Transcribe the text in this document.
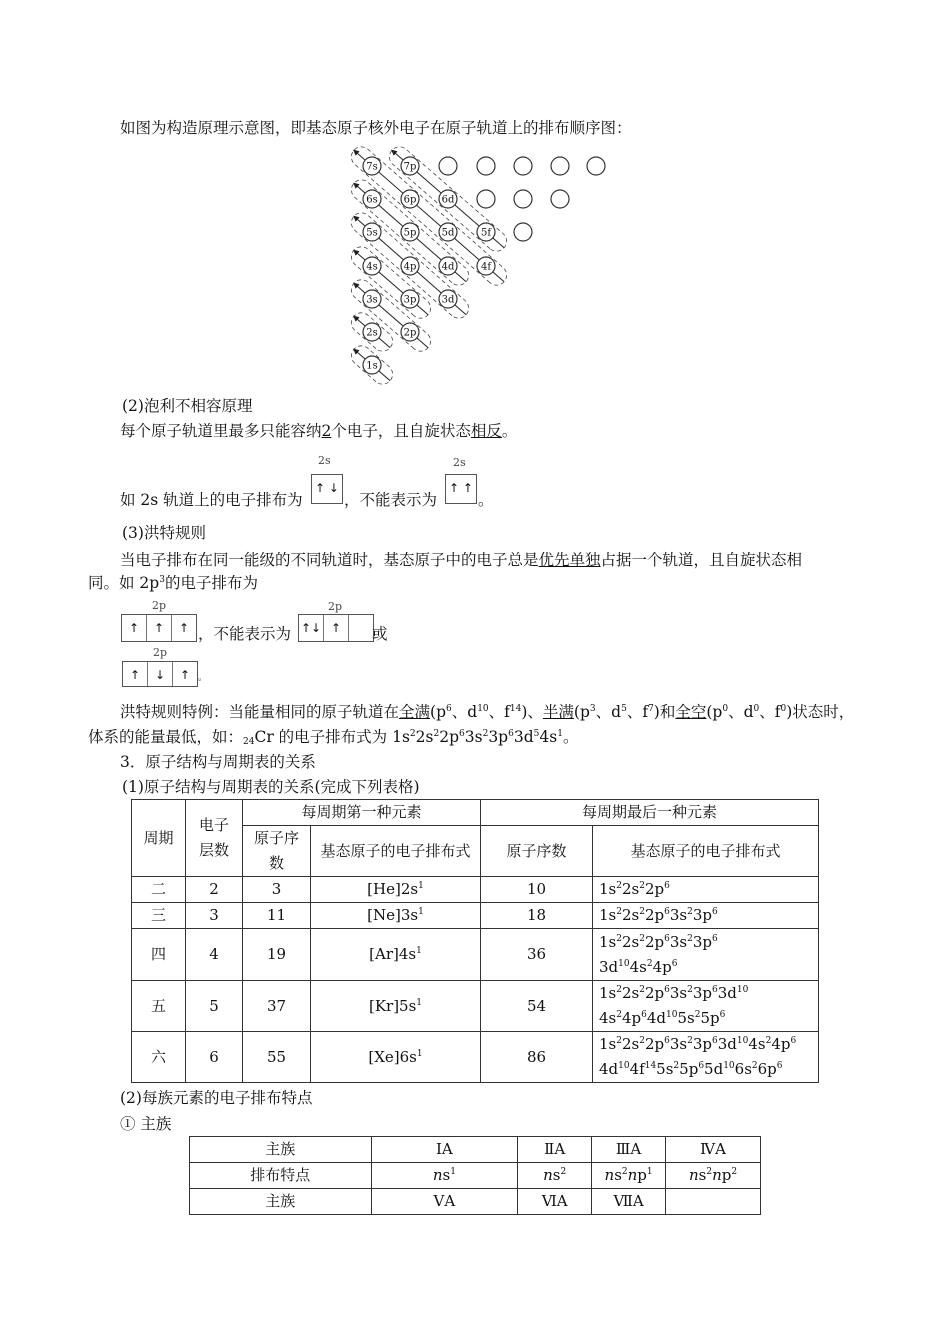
如图为构造原理示意图，即基态原子核外电子在原子轨道上的排布顺序图：
7s	7p
6s	6p	6d
5s	5p	5d	5f
4s	4p	4d	4f
3s	3p	3d
2s	2p
1s
(2)泡利不相容原理
每个原子轨道里最多只能容纳2个电子，且自旋状态相反。
如 2s 轨道上的电子排布为
2s
↑ ↓
，不能表示为
2s
↑ ↑
。
(3)洪特规则
当电子排布在同一能级的不同轨道时，基态原子中的电子总是优先单独占据一个轨道，且自旋状态相
同。如 $2p^3$的电子排布为
2p
↑	↑	↑ ，不能表示为
2p
↑↓ ↑	或
2p
↑	↓	↑ 。
洪特规则特例：当能量相同的原子轨道在全满($p^6$、$d^{10}$、$f^{14}$)、半满($p^3$、$d^5$、$f^7$)和全空($p^0$、$d^0$、$f^0$)状态时，
体系的能量最低，如：$_{24}$Cr 的电子排布式为 $1s^22s^22p^63s^23p^63d^54s^1$。
3．原子结构与周期表的关系
(1)原子结构与周期表的关系(完成下列表格)
周期	电子层数	每周期第一种元素		每周期最后一种元素	
		原子序数	基态原子的电子排布式	原子序数	基态原子的电子排布式
二	2	3	$[He]2s^1$	10	$1s^22s^22p^6$
三	3	11	$[Ne]3s^1$	18	$1s^22s^22p^63s^23p^6$
四	4	19	$[Ar]4s^1$	36	$1s^22s^22p^63s^23p^6$
$3d^{10}4s^24p^6$
五	5	37	$[Kr]5s^1$	54	$1s^22s^22p^63s^23p^63d^{10}$
$4s^24p^64d^{10}5s^25p^6$
六	6	55	$[Xe]6s^1$	86	$1s^22s^22p^63s^23p^63d^{10}4s^24p^6$
$4d^{10}4f^{14}5s^25p^65d^{10}6s^26p^6$
(2)每族元素的电子排布特点
① 主族
主族	ⅠA	ⅡA	ⅢA	ⅣA
排布特点	$ns^1$	$ns^2$	$ns^2np^1$	$ns^2np^2$
主族	ⅤA	ⅥA	ⅦA	
